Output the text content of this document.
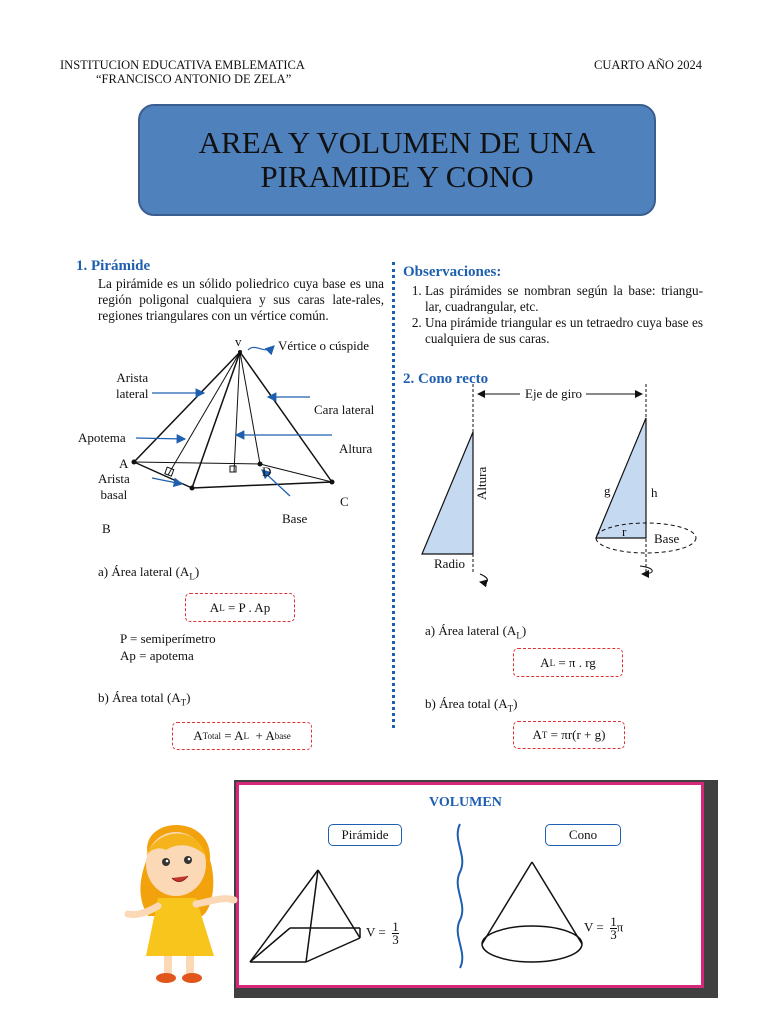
INSTITUCION EDUCATIVA EMBLEMATICA
“FRANCISCO ANTONIO DE ZELA”
CUARTO AÑO 2024
AREA Y VOLUMEN DE UNA
PIRAMIDE Y CONO
1. Pirámide
La pirámide es un sólido poliedrico cuya base es una región poligonal cualquiera y sus caras late-rales, regiones triangulares con un vértice común.
v	Vértice o cúspide
Arista
lateral
Cara lateral
Apotema
Altura
A
D
Arista
basal	C
Base
B
a) Área lateral $(A_L)$
A L = P . Ap
P = semiperímetro
Ap = apotema
b) Área total $(A_T)$
A Total = A L + A base
Observaciones:
1. Las pirámides se nombran según la base: triangu- lar, cuadrangular, etc.
2. Una pirámide triangular es un tetraedro cuya base es cualquiera de sus caras.
2. Cono recto
Eje de giro
Altura
Radio
g	h
r Base
a) Área lateral $(A_L)$
A L = π . rg
b) Área total $(A_T)$
A T = πr(r + g)
VOLUMEN
Pirámide	Cono
$V = \frac{1}{3}$	$V = \frac{1}{3}$ π
